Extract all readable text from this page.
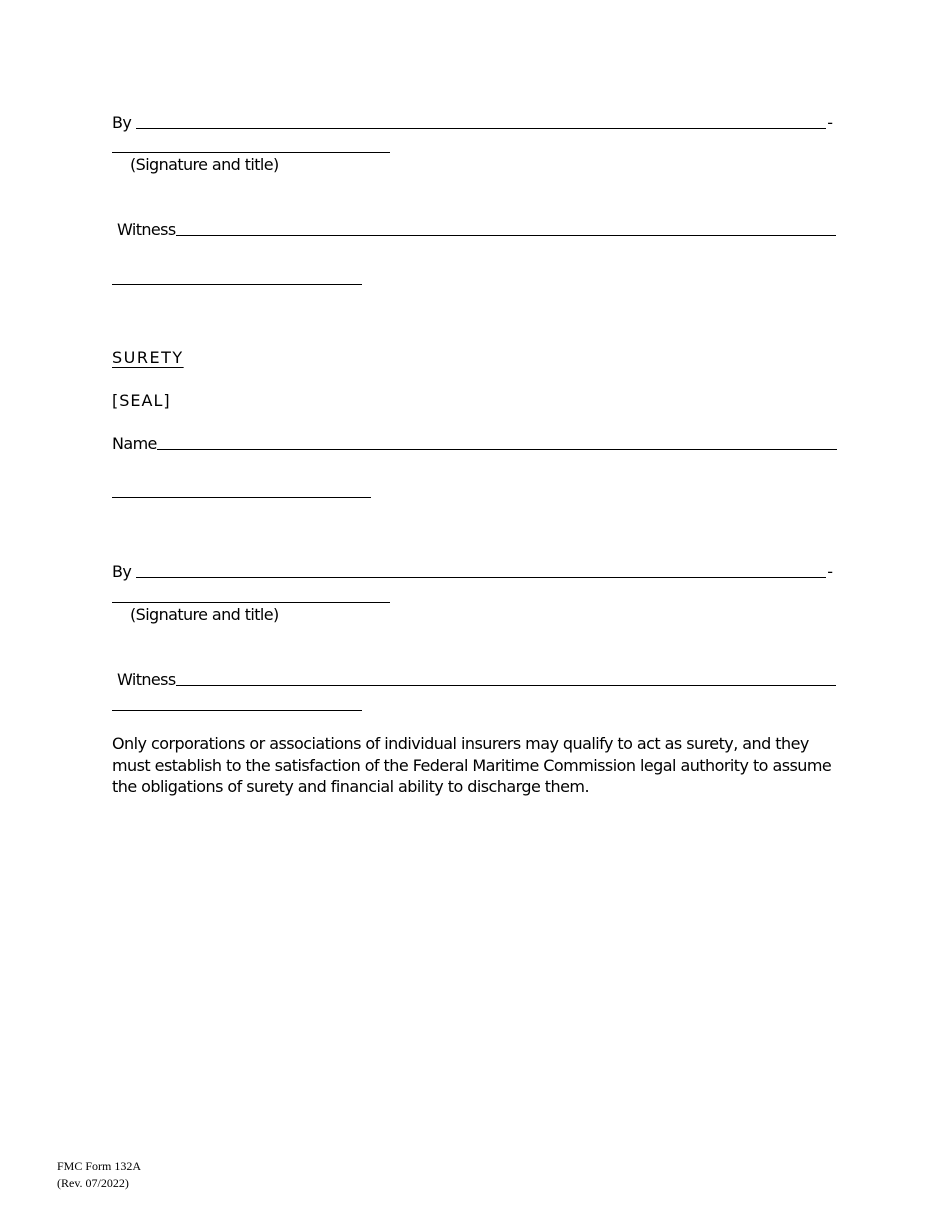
By	-
(Signature and title)
Witness
SURETY
[SEAL]
Name
By	-
(Signature and title)
Witness
Only corporations or associations of individual insurers may qualify to act as surety, and they must establish to the satisfaction of the Federal Maritime Commission legal authority to assume the obligations of surety and financial ability to discharge them.
FMC Form 132A
(Rev. 07/2022)
